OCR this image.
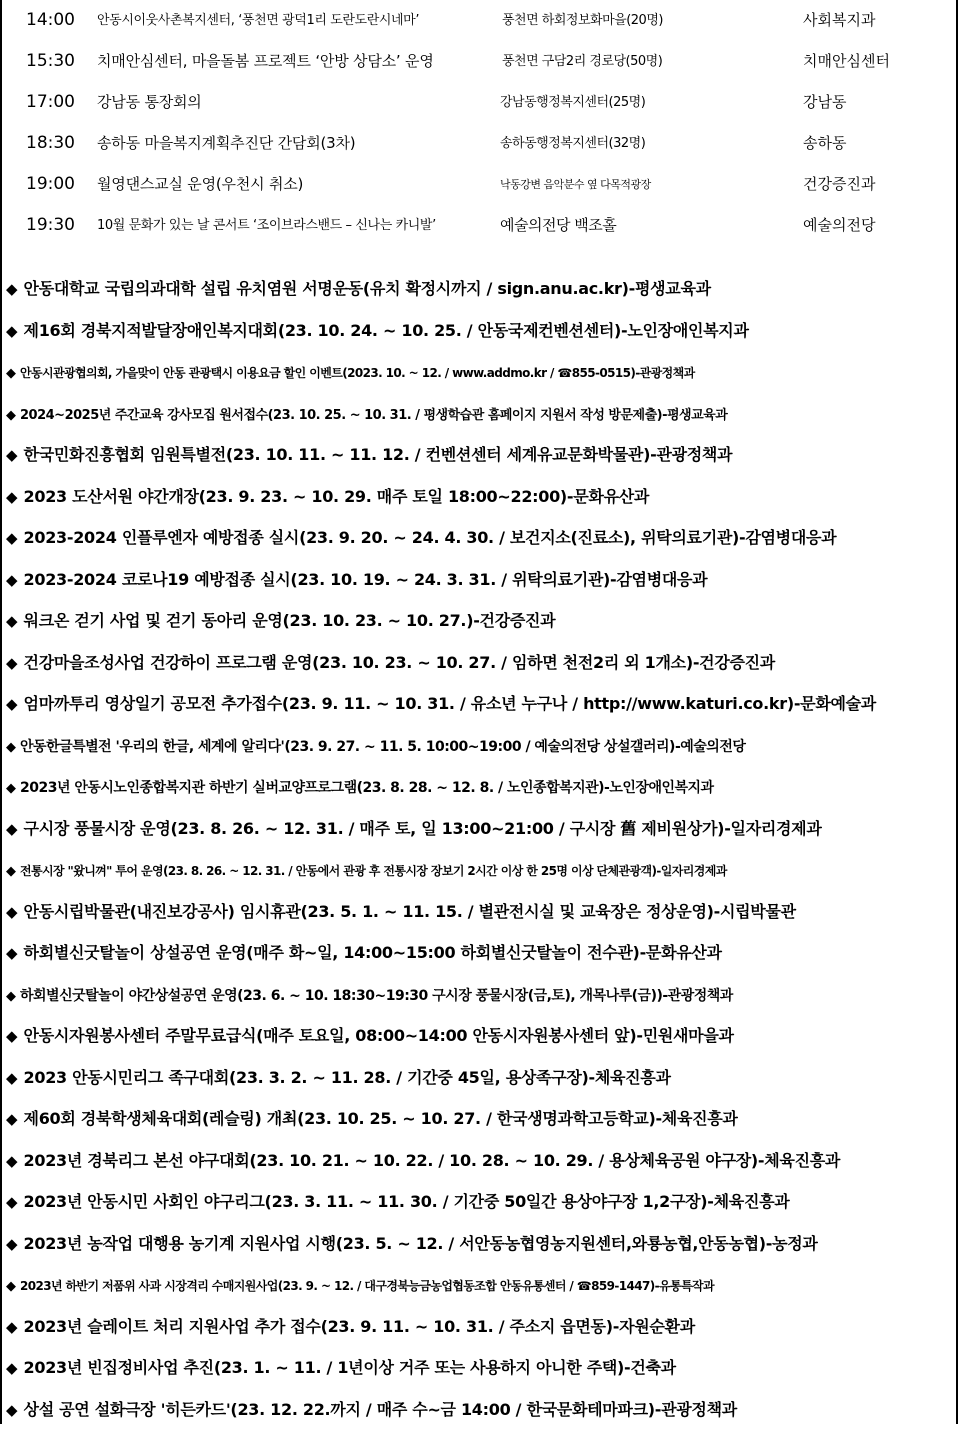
14:00 안동시이웃사촌복지센터, ‘풍천면 광덕1리 도란도란시네마’	풍천면 하회정보화마을(20명)	사회복지과
15:30 치매안심센터, 마을돌봄 프로젝트 ‘안방 상담소’ 운영	풍천면 구담2리 경로당(50명)	치매안심센터
17:00 강남동 통장회의	강남동행정복지센터(25명)	강남동
18:30 송하동 마을복지계획추진단 간담회(3차)	송하동행정복지센터(32명)	송하동
19:00 월영댄스교실 운영(우천시 취소)	낙동강변 음악분수 옆 다목적광장	건강증진과
19:30 10월 문화가 있는 날 콘서트 ‘조이브라스밴드 – 신나는 카니발’	예술의전당 백조홀	예술의전당
◆ 안동대학교 국립의과대학 설립 유치염원 서명운동(유치 확정시까지 / sign.anu.ac.kr)-평생교육과
◆ 제16회 경북지적발달장애인복지대회(23. 10. 24. ~ 10. 25. / 안동국제컨벤션센터)-노인장애인복지과
◆ 안동시관광협의회, 가을맞이 안동 관광택시 이용요금 할인 이벤트(2023. 10. ~ 12. / www.addmo.kr / ☎855-0515)-관광정책과
◆ 2024~2025년 주간교육 강사모집 원서접수(23. 10. 25. ~ 10. 31. / 평생학습관 홈페이지 지원서 작성 방문제출)-평생교육과
◆ 한국민화진흥협회 임원특별전(23. 10. 11. ~ 11. 12. / 컨벤션센터 세계유교문화박물관)-관광정책과
◆ 2023 도산서원 야간개장(23. 9. 23. ~ 10. 29. 매주 토일 18:00~22:00)-문화유산과
◆ 2023-2024 인플루엔자 예방접종 실시(23. 9. 20. ~ 24. 4. 30. / 보건지소(진료소), 위탁의료기관)-감염병대응과
◆ 2023-2024 코로나19 예방접종 실시(23. 10. 19. ~ 24. 3. 31. / 위탁의료기관)-감염병대응과
◆ 워크온 걷기 사업 및 걷기 동아리 운영(23. 10. 23. ~ 10. 27.)-건강증진과
◆ 건강마을조성사업 건강하이 프로그램 운영(23. 10. 23. ~ 10. 27. / 임하면 천전2리 외 1개소)-건강증진과
◆ 엄마까투리 영상일기 공모전 추가접수(23. 9. 11. ~ 10. 31. / 유소년 누구나 / http://www.katuri.co.kr)-문화예술과
◆ 안동한글특별전 '우리의 한글, 세계에 알리다'(23. 9. 27. ~ 11. 5. 10:00~19:00 / 예술의전당 상설갤러리)-예술의전당
◆ 2023년 안동시노인종합복지관 하반기 실버교양프로그램(23. 8. 28. ~ 12. 8. / 노인종합복지관)-노인장애인복지과
◆ 구시장 풍물시장 운영(23. 8. 26. ~ 12. 31. / 매주 토, 일 13:00~21:00 / 구시장 舊 제비원상가)-일자리경제과
◆ 전통시장 "왔니껴" 투어 운영(23. 8. 26. ~ 12. 31. / 안동에서 관광 후 전통시장 장보기 2시간 이상 한 25명 이상 단체관광객)-일자리경제과
◆ 안동시립박물관(내진보강공사) 임시휴관(23. 5. 1. ~ 11. 15. / 별관전시실 및 교육장은 정상운영)-시립박물관
◆ 하회별신굿탈놀이 상설공연 운영(매주 화~일, 14:00~15:00 하회별신굿탈놀이 전수관)-문화유산과
◆ 하회별신굿탈놀이 야간상설공연 운영(23. 6. ~ 10. 18:30~19:30 구시장 풍물시장(금,토), 개목나루(금))-관광정책과
◆ 안동시자원봉사센터 주말무료급식(매주 토요일, 08:00~14:00 안동시자원봉사센터 앞)-민원새마을과
◆ 2023 안동시민리그 족구대회(23. 3. 2. ~ 11. 28. / 기간중 45일, 용상족구장)-체육진흥과
◆ 제60회 경북학생체육대회(레슬링) 개최(23. 10. 25. ~ 10. 27. / 한국생명과학고등학교)-체육진흥과
◆ 2023년 경북리그 본선 야구대회(23. 10. 21. ~ 10. 22. / 10. 28. ~ 10. 29. / 용상체육공원 야구장)-체육진흥과
◆ 2023년 안동시민 사회인 야구리그(23. 3. 11. ~ 11. 30. / 기간중 50일간 용상야구장 1,2구장)-체육진흥과
◆ 2023년 농작업 대행용 농기계 지원사업 시행(23. 5. ~ 12. / 서안동농협영농지원센터,와룡농협,안동농협)-농정과
◆ 2023년 하반기 저품위 사과 시장격리 수매지원사업(23. 9. ~ 12. / 대구경북능금농업협동조합 안동유통센터 / ☎859-1447)-유통특작과
◆ 2023년 슬레이트 처리 지원사업 추가 접수(23. 9. 11. ~ 10. 31. / 주소지 읍면동)-자원순환과
◆ 2023년 빈집정비사업 추진(23. 1. ~ 11. / 1년이상 거주 또는 사용하지 아니한 주택)-건축과
◆ 상설 공연 설화극장 '히든카드'(23. 12. 22.까지 / 매주 수~금 14:00 / 한국문화테마파크)-관광정책과
